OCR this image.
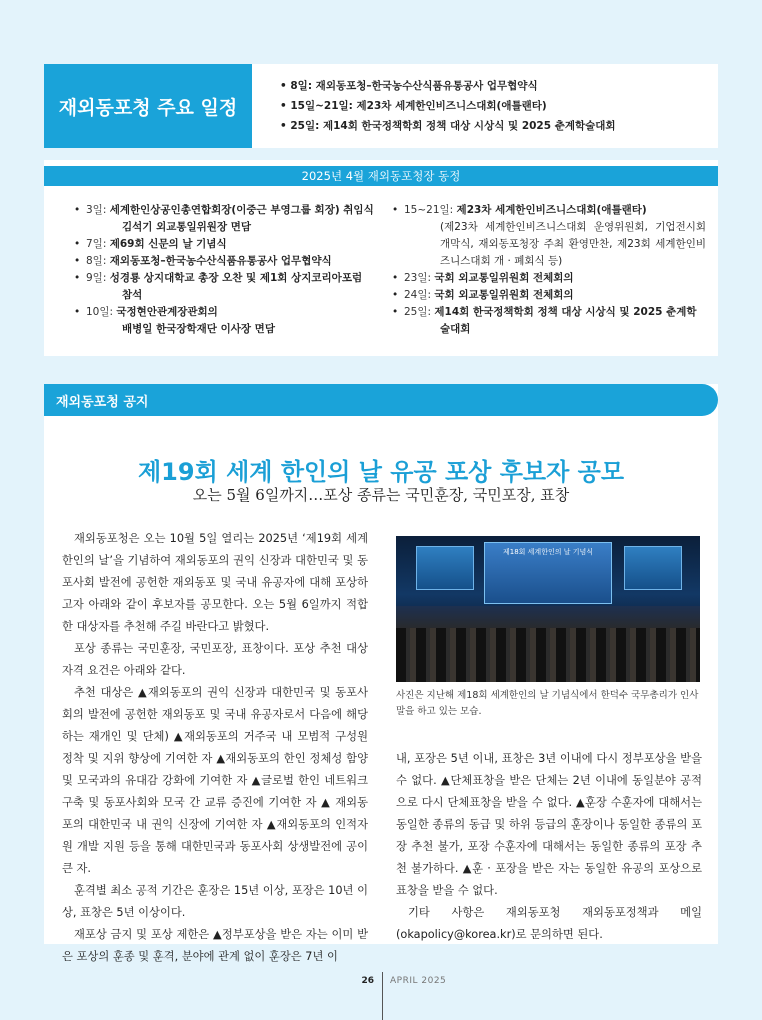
재외동포청 주요 일정
• 8일: 재외동포청–한국농수산식품유통공사 업무협약식
• 15일~21일: 제23차 세계한인비즈니스대회(애틀랜타)
• 25일: 제14회 한국정책학회 정책 대상 시상식 및 2025 춘계학술대회
2025년 4월 재외동포청장 동정
• 3일: 세계한인상공인총연합회장(이중근 부영그룹 회장) 취임식
김석기 외교통일위원장 면담
• 7일: 제69회 신문의 날 기념식
• 8일: 재외동포청–한국농수산식품유통공사 업무협약식
• 9일: 성경룡 상지대학교 총장 오찬 및 제1회 상지코리아포럼
참석
• 10일: 국정현안관계장관회의
배병일 한국장학재단 이사장 면담
• 15~21일: 제23차 세계한인비즈니스대회(애틀랜타)
(제23차 세계한인비즈니스대회 운영위원회, 기업전시회 개막식, 재외동포청장 주최 환영만찬, 제23회 세계한인비즈니스대회 개 · 폐회식 등)
• 23일: 국회 외교통일위원회 전체회의
• 24일: 국회 외교통일위원회 전체회의
• 25일: 제14회 한국정책학회 정책 대상 시상식 및 2025 춘계학
술대회
재외동포청 공지
제19회 세계 한인의 날 유공 포상 후보자 공모
오는 5월 6일까지…포상 종류는 국민훈장, 국민포장, 표창

재외동포청은 오는 10월 5일 열리는 2025년 ‘제19회 세계 한인의 날’을 기념하여 재외동포의 권익 신장과 대한민국 및 동포사회 발전에 공헌한 재외동포 및 국내 유공자에 대해 포상하고자 아래와 같이 후보자를 공모한다. 오는 5월 6일까지 적합한 대상자를 추천해 주길 바란다고 밝혔다.

포상 종류는 국민훈장, 국민포장, 표창이다. 포상 추천 대상 자격 요건은 아래와 같다.

추천 대상은 ▲재외동포의 권익 신장과 대한민국 및 동포사회의 발전에 공헌한 재외동포 및 국내 유공자로서 다음에 해당하는 재개인 및 단체) ▲재외동포의 거주국 내 모범적 구성원 정착 및 지위 향상에 기여한 자 ▲재외동포의 한인 정체성 함양 및 모국과의 유대감 강화에 기여한 자 ▲글로벌 한인 네트워크 구축 및 동포사회와 모국 간 교류 증진에 기여한 자 ▲ 재외동포의 대한민국 내 권익 신장에 기여한 자 ▲재외동포의 인적자원 개발 지원 등을 통해 대한민국과 동포사회 상생발전에 공이 큰 자.

훈격별 최소 공적 기간은 훈장은 15년 이상, 포장은 10년 이상, 표창은 5년 이상이다.

재포상 금지 및 포상 제한은 ▲정부포상을 받은 자는 이미 받은 포상의 훈종 및 훈격, 분야에 관계 없이 훈장은 7년 이

제18회 세계한인의 날 기념식
사진은 지난해 제18회 세계한인의 날 기념식에서 한덕수 국무총리가 인사말을 하고 있는 모습.

내, 포장은 5년 이내, 표창은 3년 이내에 다시 정부포상을 받을 수 없다. ▲단체표창을 받은 단체는 2년 이내에 동일분야 공적으로 다시 단체표창을 받을 수 없다. ▲훈장 수훈자에 대해서는 동일한 종류의 동급 및 하위 등급의 훈장이나 동일한 종류의 포장 추천 불가, 포장 수훈자에 대해서는 동일한 종류의 포장 추천 불가하다. ▲훈 · 포장을 받은 자는 동일한 유공의 포상으로 표창을 받을 수 없다.

기타 사항은 재외동포청 재외동포정책과 메일(okapolicy@korea.kr)로 문의하면 된다.

26 APRIL 2025
